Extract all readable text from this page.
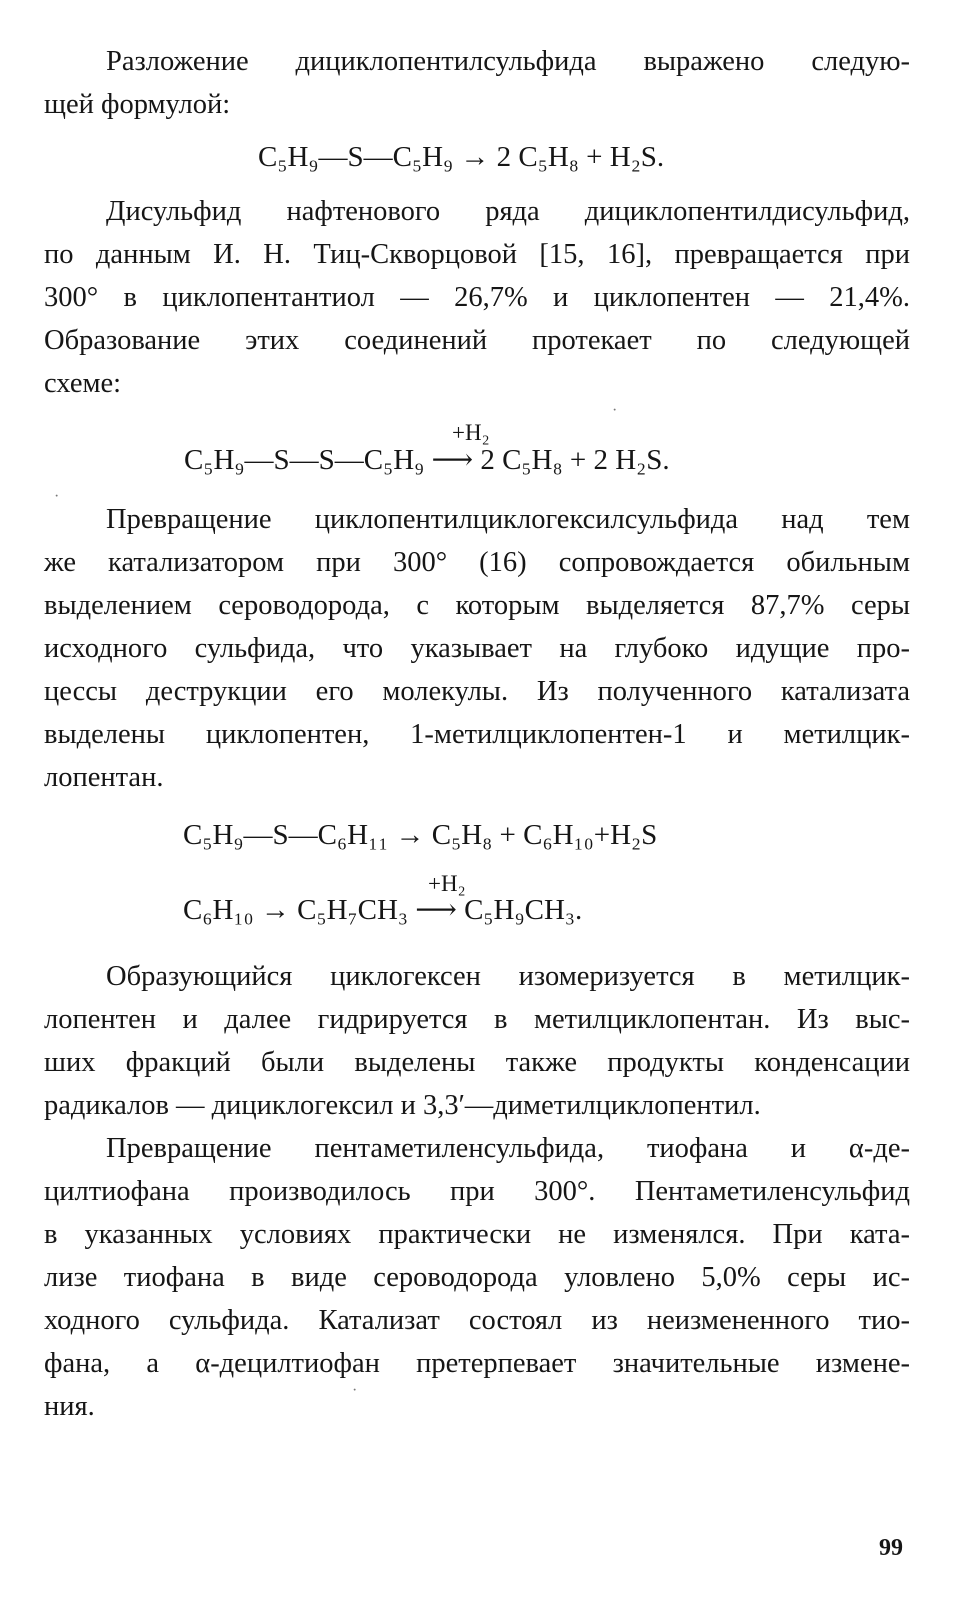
Разложение дициклопентилсульфида выражено следую-
щей формулой:

C₅H₉—S—C₅H₉ → 2 C₅H₈ + H₂S.

Дисульфид нафтенового ряда дициклопентилдисульфид,
по данным И. Н. Тиц-Скворцовой [15, 16], превращается при
300° в циклопентантиол — 26,7% и циклопентен — 21,4%.
Образование этих соединений протекает по следующей
схеме:

+H₂
C₅H₉—S—S—C₅H₉ ⟶ 2 C₅H₈ + 2 H₂S.

Превращение циклопентилциклогексилсульфида над тем
же катализатором при 300° (16) сопровождается обильным
выделением сероводорода, с которым выделяется 87,7% серы
исходного сульфида, что указывает на глубоко идущие про-
цессы деструкции его молекулы. Из полученного катализата
выделены циклопентен, 1-метилциклопентен-1 и метилцик-
лопентан.

C₅H₉—S—C₆H₁₁ → C₅H₈ + C₆H₁₀+H₂S
+H₂
C₆H₁₀ → C₅H₇CH₃ ⟶ C₅H₉CH₃.

Образующийся циклогексен изомеризуется в метилцик-
лопентен и далее гидрируется в метилциклопентан. Из выс-
ших фракций были выделены также продукты конденсации
радикалов — дициклогексил и 3,3′—диметилциклопентил.

Превращение пентаметиленсульфида, тиофана и α-де-
цилтиофана производилось при 300°. Пентаметиленсульфид
в указанных условиях практически не изменялся. При ката-
лизе тиофана в виде сероводорода уловлено 5,0% серы ис-
ходного сульфида. Катализат состоял из неизмененного тио-
фана, а α-децилтиофан претерпевает значительные измене-
ния.

99
·
·
·
